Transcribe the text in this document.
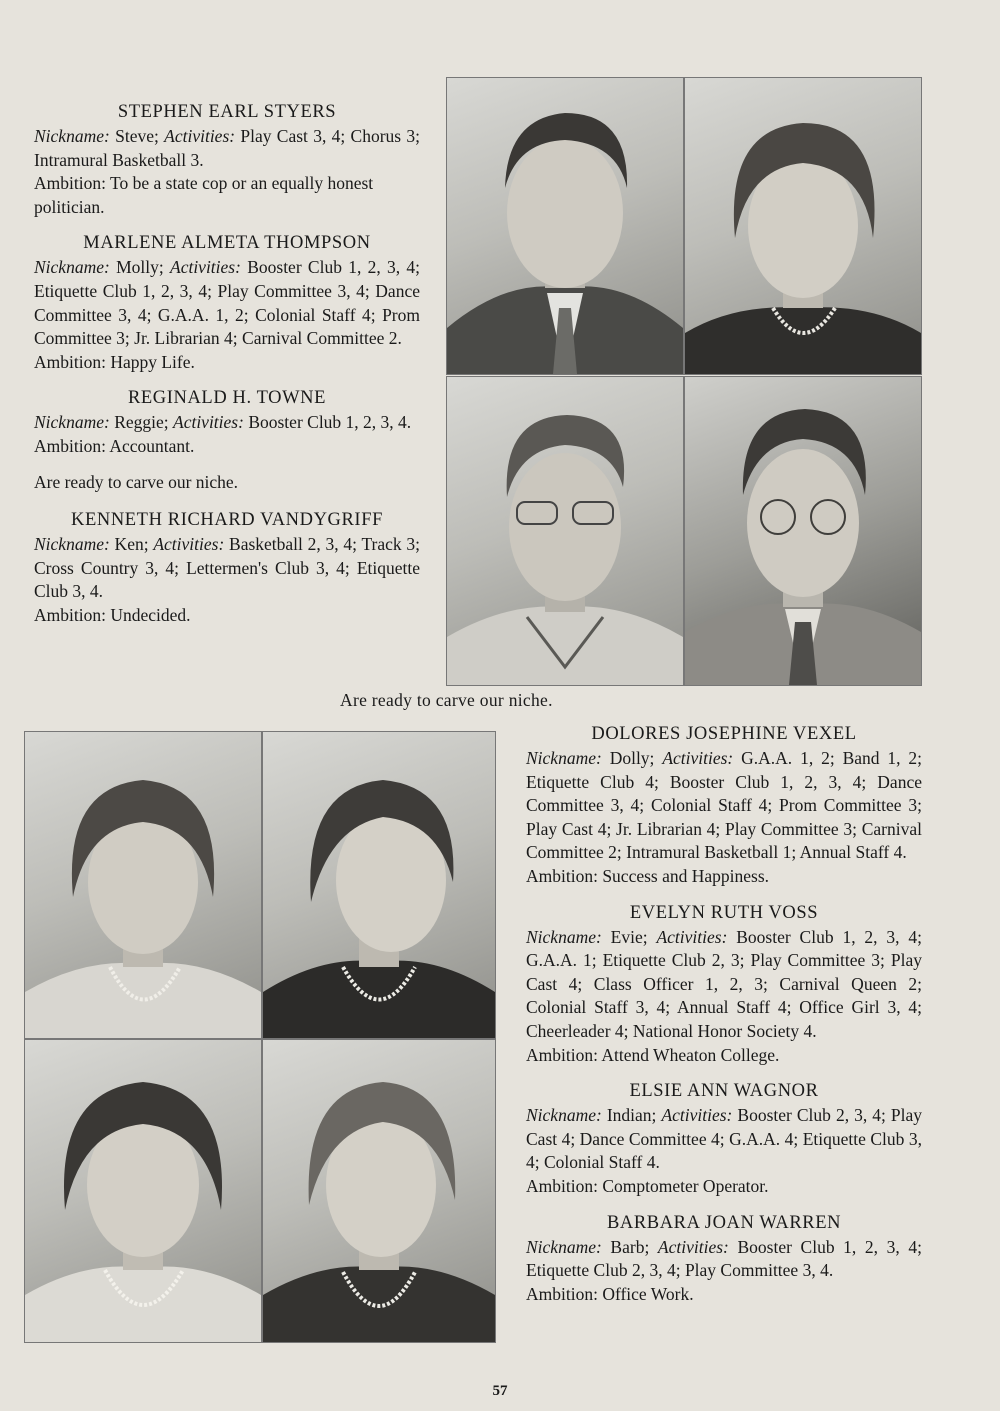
STEPHEN EARL STYERS

Nickname: Steve; Activities: Play Cast 3, 4; Chorus 3; Intramural Basketball 3.

Ambition: To be a state cop or an equally honest politician.

MARLENE ALMETA THOMPSON

Nickname: Molly; Activities: Booster Club 1, 2, 3, 4; Etiquette Club 1, 2, 3, 4; Play Committee 3, 4; Dance Committee 3, 4; G.A.A. 1, 2; Colonial Staff 4; Prom Committee 3; Jr. Librarian 4; Carnival Committee 2.

Ambition: Happy Life.

REGINALD H. TOWNE

Nickname: Reggie; Activities: Booster Club 1, 2, 3, 4.

Ambition: Accountant.

Are ready to carve our niche.

KENNETH RICHARD VANDYGRIFF

Nickname: Ken; Activities: Basketball 2, 3, 4; Track 3; Cross Country 3, 4; Lettermen's Club 3, 4; Etiquette Club 3, 4.

Ambition: Undecided.

Are ready to carve our niche.
DOLORES JOSEPHINE VEXEL

Nickname: Dolly; Activities: G.A.A. 1, 2; Band 1, 2; Etiquette Club 4; Booster Club 1, 2, 3, 4; Dance Committee 3, 4; Colonial Staff 4; Prom Committee 3; Play Cast 4; Jr. Librarian 4; Play Committee 3; Carnival Committee 2; Intramural Basketball 1; Annual Staff 4.

Ambition: Success and Happiness.

EVELYN RUTH VOSS

Nickname: Evie; Activities: Booster Club 1, 2, 3, 4; G.A.A. 1; Etiquette Club 2, 3; Play Committee 3; Play Cast 4; Class Officer 1, 2, 3; Carnival Queen 2; Colonial Staff 3, 4; Annual Staff 4; Office Girl 3, 4; Cheerleader 4; National Honor Society 4.

Ambition: Attend Wheaton College.

ELSIE ANN WAGNOR

Nickname: Indian; Activities: Booster Club 2, 3, 4; Play Cast 4; Dance Committee 4; G.A.A. 4; Etiquette Club 3, 4; Colonial Staff 4.

Ambition: Comptometer Operator.

BARBARA JOAN WARREN

Nickname: Barb; Activities: Booster Club 1, 2, 3, 4; Etiquette Club 2, 3, 4; Play Committee 3, 4.

Ambition: Office Work.

57
